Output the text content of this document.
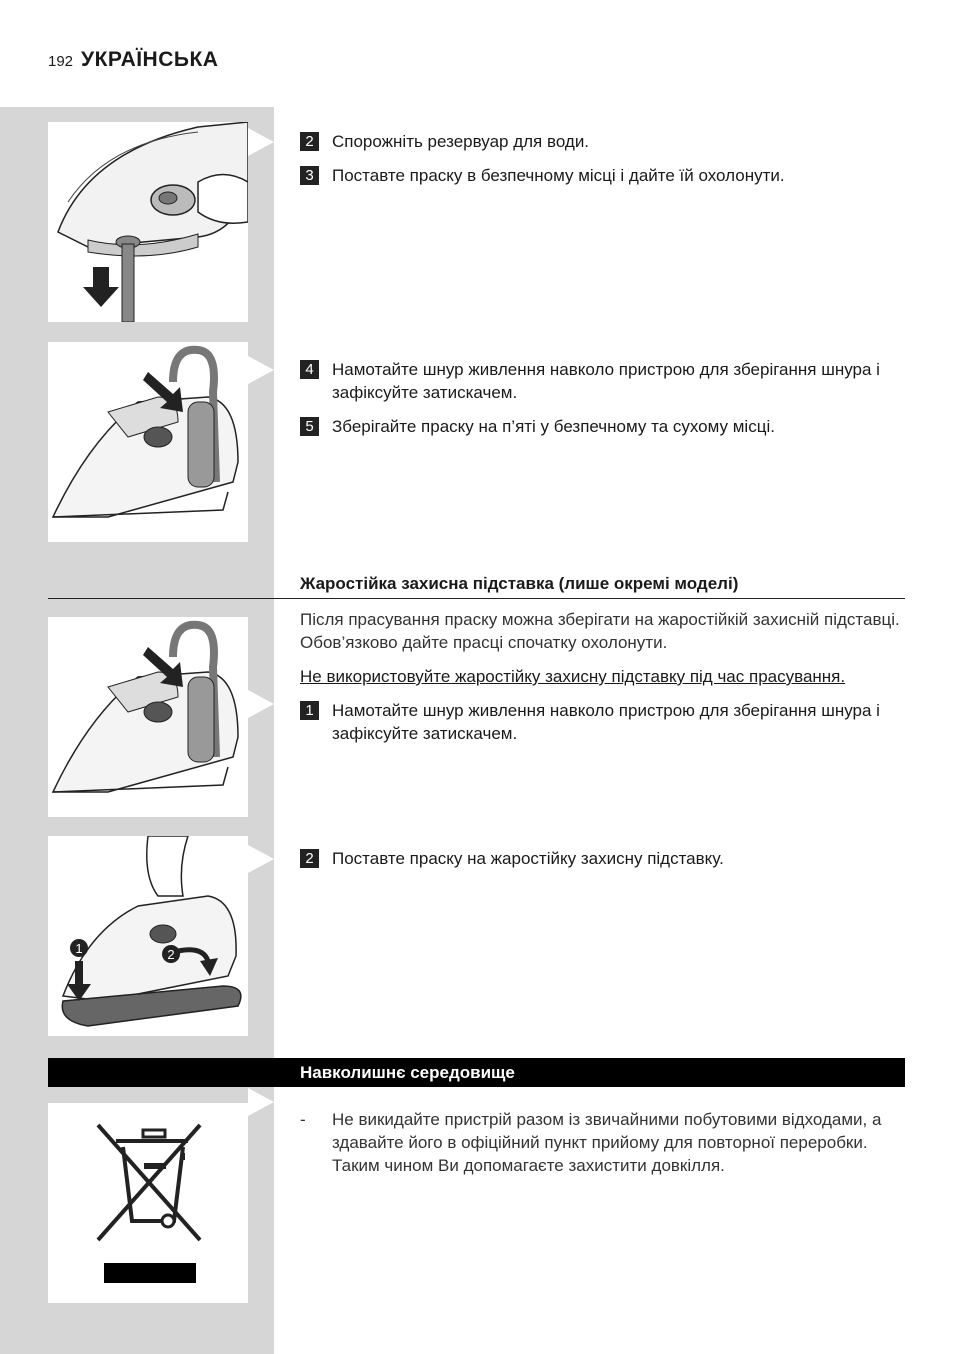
192 УКРАЇНСЬКА
2	Спорожніть резервуар для води.
3	Поставте праску в безпечному місці і дайте їй охолонути.
4	Намотайте шнур живлення навколо пристрою для зберігання шнура і зафіксуйте затискачем.
5	Зберігайте праску на п’яті у безпечному та сухому місці.
Жаростійка захисна підставка (лише окремі моделі)
Після прасування праску можна зберігати на жаростійкій захисній підставці. Обов’язково дайте прасці спочатку охолонути.
Не використовуйте жаростійку захисну підставку під час прасування.
1	Намотайте шнур живлення навколо пристрою для зберігання шнура і зафіксуйте затискачем.
1	2
2	Поставте праску на жаростійку захисну підставку.
Навколишнє середовище
-	Не викидайте пристрій разом із звичайними побутовими відходами, а здавайте його в офіційний пункт прийому для повторної переробки. Таким чином Ви допомагаєте захистити довкілля.
